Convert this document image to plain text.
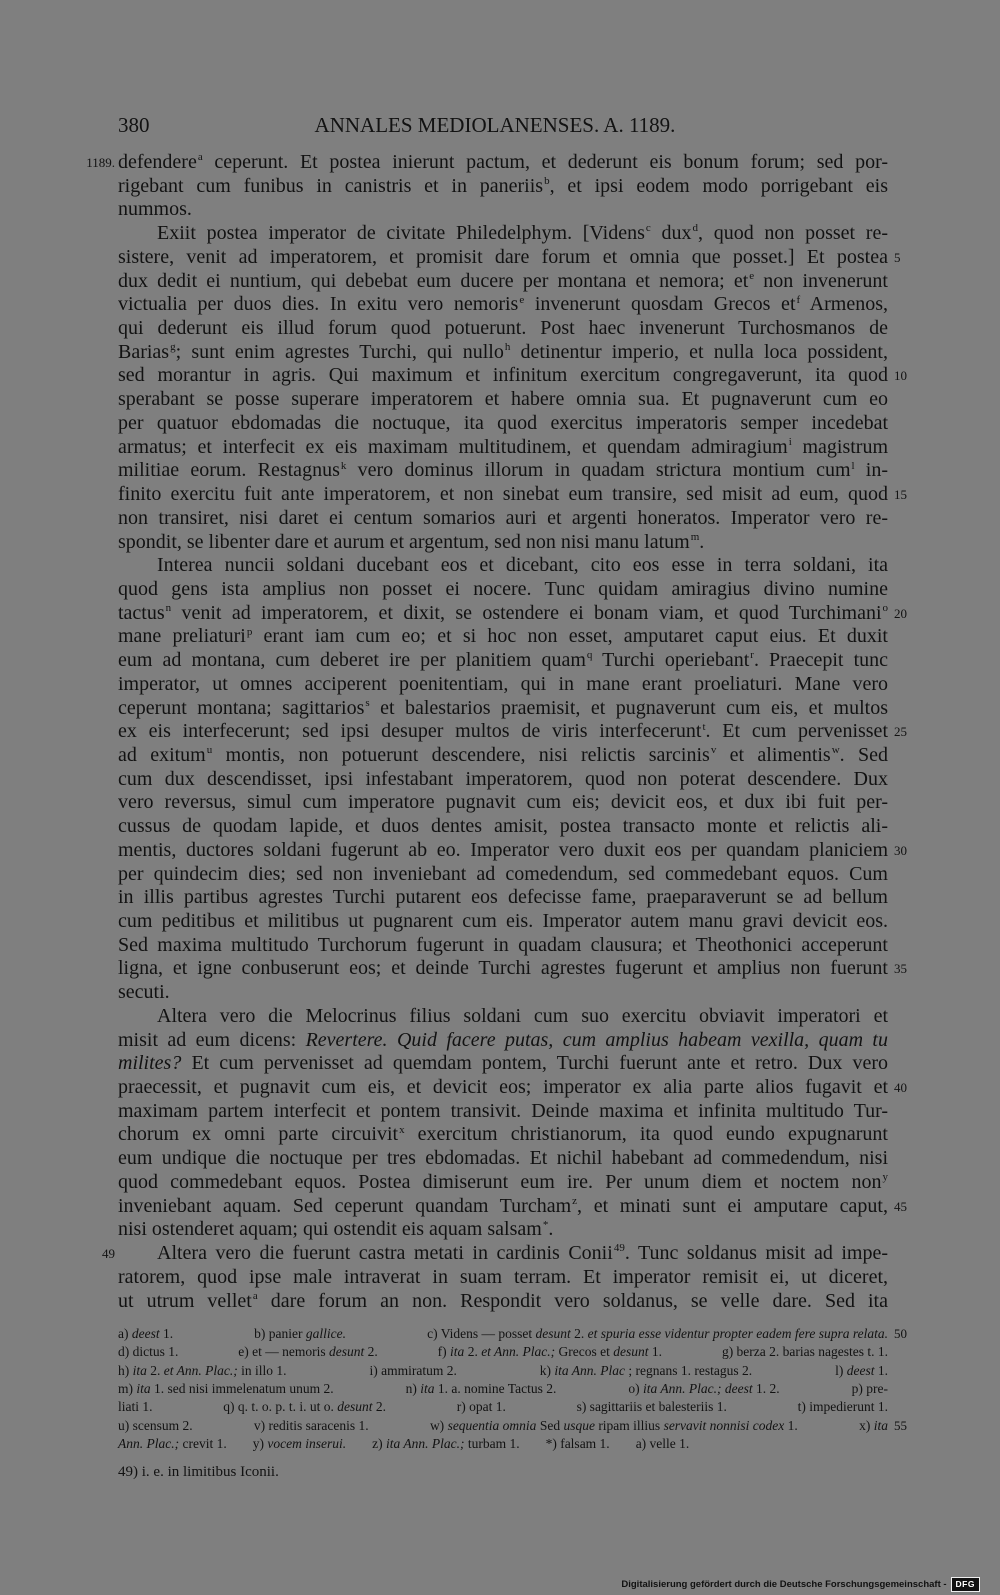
380	ANNALES MEDIOLANENSES. A. 1189.
defendere$^a$ ceperunt. Et postea inierunt pactum, et dederunt eis bonum forum; sed por-
1189.
rigebant cum funibus in canistris et in paneriis$^b$, et ipsi eodem modo porrigebant eis
nummos.
Exiit postea imperator de civitate Philedelphym. [Videns$^c$ dux$^d$, quod non posset re-
sistere, venit ad imperatorem, et promisit dare forum et omnia que posset.] Et postea 5
dux dedit ei nuntium, qui debebat eum ducere per montana et nemora; $et^e$ non invenerunt
victualia per duos dies. In exitu vero nemoris$^e$ invenerunt quosdam Grecos $et^f$ Armenos,
qui dederunt eis illud forum quod potuerunt. Post haec invenerunt Turchosmanos de
Barias$^g$; sunt enim agrestes Turchi, qui nullo$^h$ detinentur imperio, et nulla loca possident,
sed morantur in agris. Qui maximum et infinitum exercitum congregaverunt, ita quod 10
sperabant se posse superare imperatorem et habere omnia sua. Et pugnaverunt cum eo
per quatuor ebdomadas die noctuque, ita quod exercitus imperatoris semper incedebat
armatus; et interfecit ex eis maximam multitudinem, et quendam admiragium$^i$ magistrum
militiae eorum. Restagnus$^k$ vero dominus illorum in quadam strictura montium cum$^l$ in-
finito exercitu fuit ante imperatorem, et non sinebat eum transire, sed misit ad eum, quod 15
non transiret, nisi daret ei centum somarios auri et argenti honeratos. Imperator vero re-
spondit, se libenter dare et aurum et argentum, sed non nisi manu latum$^m$.
Interea nuncii soldani ducebant eos et dicebant, cito eos esse in terra soldani, ita
quod gens ista amplius non posset ei nocere. Tunc quidam amiragius divino numine
tactus$^n$ venit ad imperatorem, et dixit, se ostendere ei bonam viam, et quod Turchimani$^o$ 20
mane preliaturi$^p$ erant iam cum eo; et si hoc non esset, amputaret caput eius. Et duxit
eum ad montana, cum deberet ire per planitiem quam$^q$ Turchi operiebant$^r$. Praecepit tunc
imperator, ut omnes acciperent poenitentiam, qui in mane erant proeliaturi. Mane vero
ceperunt montana; sagittarios$^s$ et balestarios praemisit, et pugnaverunt cum eis, et multos
ex eis interfecerunt; sed ipsi desuper multos de viris interfecerunt$^t$. Et cum pervenisset 25
ad exitum$^u$ montis, non potuerunt descendere, nisi relictis sarcinis$^v$ et alimentis$^w$. Sed
cum dux descendisset, ipsi infestabant imperatorem, quod non poterat descendere. Dux
vero reversus, simul cum imperatore pugnavit cum eis; devicit eos, et dux ibi fuit per-
cussus de quodam lapide, et duos dentes amisit, postea transacto monte et relictis ali-
mentis, ductores soldani fugerunt ab eo. Imperator vero duxit eos per quandam planiciem 30
per quindecim dies; sed non inveniebant ad comedendum, sed commedebant equos. Cum
in illis partibus agrestes Turchi putarent eos defecisse fame, praeparaverunt se ad bellum
cum peditibus et militibus ut pugnarent cum eis. Imperator autem manu gravi devicit eos.
Sed maxima multitudo Turchorum fugerunt in quadam clausura; et Theothonici acceperunt
ligna, et igne conbuserunt eos; et deinde Turchi agrestes fugerunt et amplius non fuerunt 35
secuti.
Altera vero die Melocrinus filius soldani cum suo exercitu obviavit imperatori et
misit ad eum dicens: Revertere. Quid facere putas, cum amplius habeam vexilla, quam tu
milites? Et cum pervenisset ad quemdam pontem, Turchi fuerunt ante et retro. Dux vero
praecessit, et pugnavit cum eis, et devicit eos; imperator ex alia parte alios fugavit et 40
maximam partem interfecit et pontem transivit. Deinde maxima et infinita multitudo Tur-
chorum ex omni parte circuivit$^x$ exercitum christianorum, ita quod eundo expugnarunt
eum undique die noctuque per tres ebdomadas. Et nichil habebant ad commedendum, nisi
quod commedebant equos. Postea dimiserunt eum ire. Per unum diem et noctem non$^y$
inveniebant aquam. Sed ceperunt quandam Turcham$^z$, et minati sunt ei amputare caput, 45
nisi ostenderet aquam; qui ostendit eis aquam salsam*.
Altera vero die fuerunt castra metati in cardinis Conii$^{49}$. Tunc soldanus misit ad impe-
49
ratorem, quod ipse male intraverat in suam terram. Et imperator remisit ei, ut diceret,
ut utrum vellet$^a$ dare forum an non. Respondit vero soldanus, se velle dare. Sed ita
a) deest 1.	b) panier gallice.	c) Videns — posset desunt 2. et spuria esse videntur propter eadem fere supra relata. 50
d) dictus 1.	e) et — nemoris desunt 2.	f) ita 2. et Ann. Plac.; Grecos et desunt 1.	g) berza 2. barias nagestes t. 1.
h) ita 2. et Ann. Plac.; in illo 1.	i) ammiratum 2.	k) ita Ann. Plac ; regnans 1. restagus 2.	l) deest 1.
m) ita 1. sed nisi immelenatum unum 2.	n) ita 1. a. nomine Tactus 2.	o) ita Ann. Plac.; deest 1. 2.	p) pre-
liati 1.	q) q. t. o. p. t. i. ut o. desunt 2.	r) opat 1.	s) sagittariis et balesteriis 1.	t) impedierunt 1.
u) scensum 2.	v) reditis saracenis 1.	w) sequentia omnia Sed usque ripam illius servavit nonnisi codex 1.	x) ita 55
Ann. Plac.; crevit 1. y) vocem inserui. z) ita Ann. Plac.; turbam 1. *) falsam 1. a) velle 1.
49) i. e. in limitibus Iconii.
Digitalisierung gefördert durch die Deutsche Forschungsgemeinschaft -	DFG
